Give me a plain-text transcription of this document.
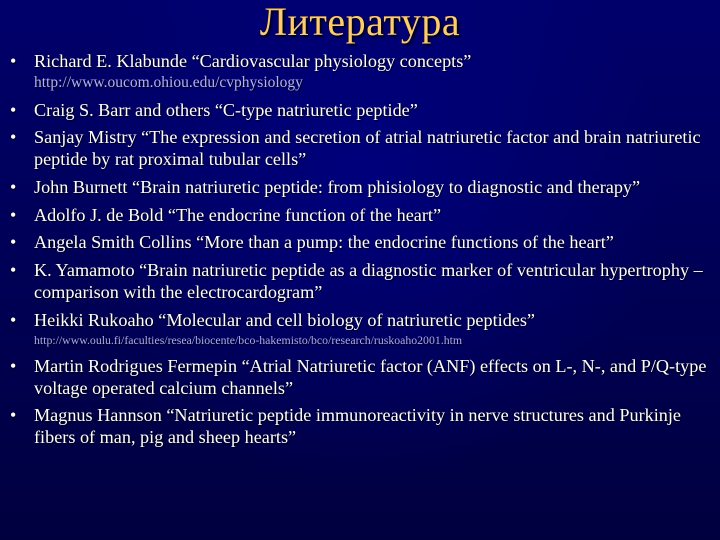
Литература
• Richard E. Klabunde “Cardiovascular physiology concepts”
http://www.oucom.ohiou.edu/cvphysiology
• Craig S. Barr and others “C-type natriuretic peptide”
• Sanjay Mistry “The expression and secretion of atrial natriuretic factor and brain natriuretic peptide by rat proximal tubular cells”
• John Burnett “Brain natriuretic peptide: from phisiology to diagnostic and therapy”
• Adolfo J. de Bold “The endocrine function of the heart”
• Angela Smith Collins “More than a pump: the endocrine functions of the heart”
• K. Yamamoto “Brain natriuretic peptide as a diagnostic marker of ventricular hypertrophy – comparison with the electrocardogram”
• Heikki Rukoaho “Molecular and cell biology of natriuretic peptides”
http://www.oulu.fi/faculties/resea/biocente/bco-hakemisto/bco/research/ruskoaho2001.htm
• Martin Rodrigues Fermepin “Atrial Natriuretic factor (ANF) effects on L-, N-, and P/Q-type voltage operated calcium channels”
• Magnus Hannson “Natriuretic peptide immunoreactivity in nerve structures and Purkinje fibers of man, pig and sheep hearts”
